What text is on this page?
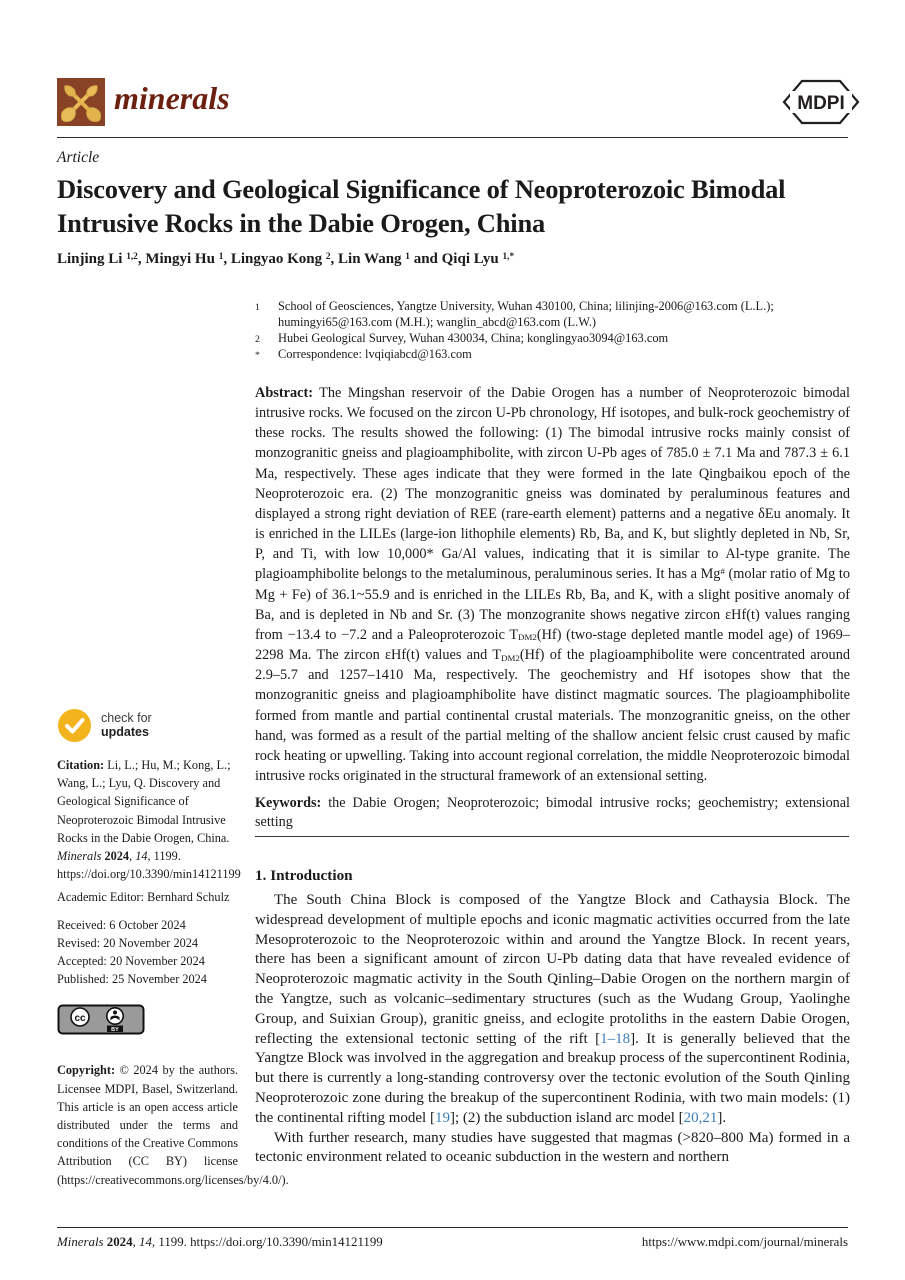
minerals	MDPI
Article
Discovery and Geological Significance of Neoproterozoic Bimodal Intrusive Rocks in the Dabie Orogen, China
Linjing Li $^{1,2}$, Mingyi Hu $^1$, Lingyao Kong $^2$, Lin Wang $^1$ and Qiqi Lyu $^{1,*}$
1	School of Geosciences, Yangtze University, Wuhan 430100, China; lilinjing-2006@163.com (L.L.); humingyi65@163.com (M.H.); wanglin_abcd@163.com (L.W.)
2	Hubei Geological Survey, Wuhan 430034, China; konglingyao3094@163.com
*	Correspondence: lvqiqiabcd@163.com
Abstract: The Mingshan reservoir of the Dabie Orogen has a number of Neoproterozoic bimodal intrusive rocks. We focused on the zircon U-Pb chronology, Hf isotopes, and bulk-rock geochemistry of these rocks. The results showed the following: (1) The bimodal intrusive rocks mainly consist of monzogranitic gneiss and plagioamphibolite, with zircon U-Pb ages of 785.0 ± 7.1 Ma and 787.3 ± 6.1 Ma, respectively. These ages indicate that they were formed in the late Qingbaikou epoch of the Neoproterozoic era. (2) The monzogranitic gneiss was dominated by peraluminous features and displayed a strong right deviation of REE (rare-earth element) patterns and a negative δEu anomaly. It is enriched in the LILEs (large-ion lithophile elements) Rb, Ba, and K, but slightly depleted in Nb, Sr, P, and Ti, with low 10,000* Ga/Al values, indicating that it is similar to Al-type granite. The plagioamphibolite belongs to the metaluminous, peraluminous series. It has a Mg# (molar ratio of Mg to Mg + Fe) of 36.1~55.9 and is enriched in the LILEs Rb, Ba, and K, with a slight positive anomaly of Ba, and is depleted in Nb and Sr. (3) The monzogranite shows negative zircon εHf(t) values ranging from −13.4 to −7.2 and a Paleoproterozoic $T_{DM2}(Hf)$ (two-stage depleted mantle model age) of 1969–2298 Ma. The zircon εHf(t) values and $T_{DM2}(Hf)$ of the plagioamphibolite were concentrated around 2.9–5.7 and 1257–1410 Ma, respectively. The geochemistry and Hf isotopes show that the monzogranitic gneiss and plagioamphibolite have distinct magmatic sources. The plagioamphibolite formed from mantle and partial continental crustal materials. The monzogranitic gneiss, on the other hand, was formed as a result of the partial melting of the shallow ancient felsic crust caused by mafic rock heating or upwelling. Taking into account regional correlation, the middle Neoproterozoic bimodal intrusive rocks originated in the structural framework of an extensional setting.
Keywords: the Dabie Orogen; Neoproterozoic; bimodal intrusive rocks; geochemistry; extensional setting
1. Introduction

The South China Block is composed of the Yangtze Block and Cathaysia Block. The widespread development of multiple epochs and iconic magmatic activities occurred from the late Mesoproterozoic to the Neoproterozoic within and around the Yangtze Block. In recent years, there has been a significant amount of zircon U-Pb dating data that have revealed evidence of Neoproterozoic magmatic activity in the South Qinling–Dabie Orogen on the northern margin of the Yangtze, such as volcanic–sedimentary structures (such as the Wudang Group, Yaolinghe Group, and Suixian Group), granitic gneiss, and eclogite protoliths in the eastern Dabie Orogen, reflecting the extensional tectonic setting of the rift [1–18]. It is generally believed that the Yangtze Block was involved in the aggregation and breakup process of the supercontinent Rodinia, but there is currently a long-standing controversy over the tectonic evolution of the South Qinling Neoproterozoic zone during the breakup of the supercontinent Rodinia, with two main models: (1) the continental rifting model [19]; (2) the subduction island arc model [20,21].

With further research, many studies have suggested that magmas (>820–800 Ma) formed in a tectonic environment related to oceanic subduction in the western and northern

check for
updates
Citation: Li, L.; Hu, M.; Kong, L.; Wang, L.; Lyu, Q. Discovery and Geological Significance of Neoproterozoic Bimodal Intrusive Rocks in the Dabie Orogen, China. Minerals 2024, 14, 1199. https://doi.org/10.3390/min14121199
Academic Editor: Bernhard Schulz
Received: 6 October 2024
Revised: 20 November 2024
Accepted: 20 November 2024
Published: 25 November 2024
cc
BY
Copyright: © 2024 by the authors. Licensee MDPI, Basel, Switzerland. This article is an open access article distributed under the terms and conditions of the Creative Commons Attribution (CC BY) license (https://creativecommons.org/licenses/by/4.0/).
Minerals 2024, 14, 1199. https://doi.org/10.3390/min14121199	https://www.mdpi.com/journal/minerals
